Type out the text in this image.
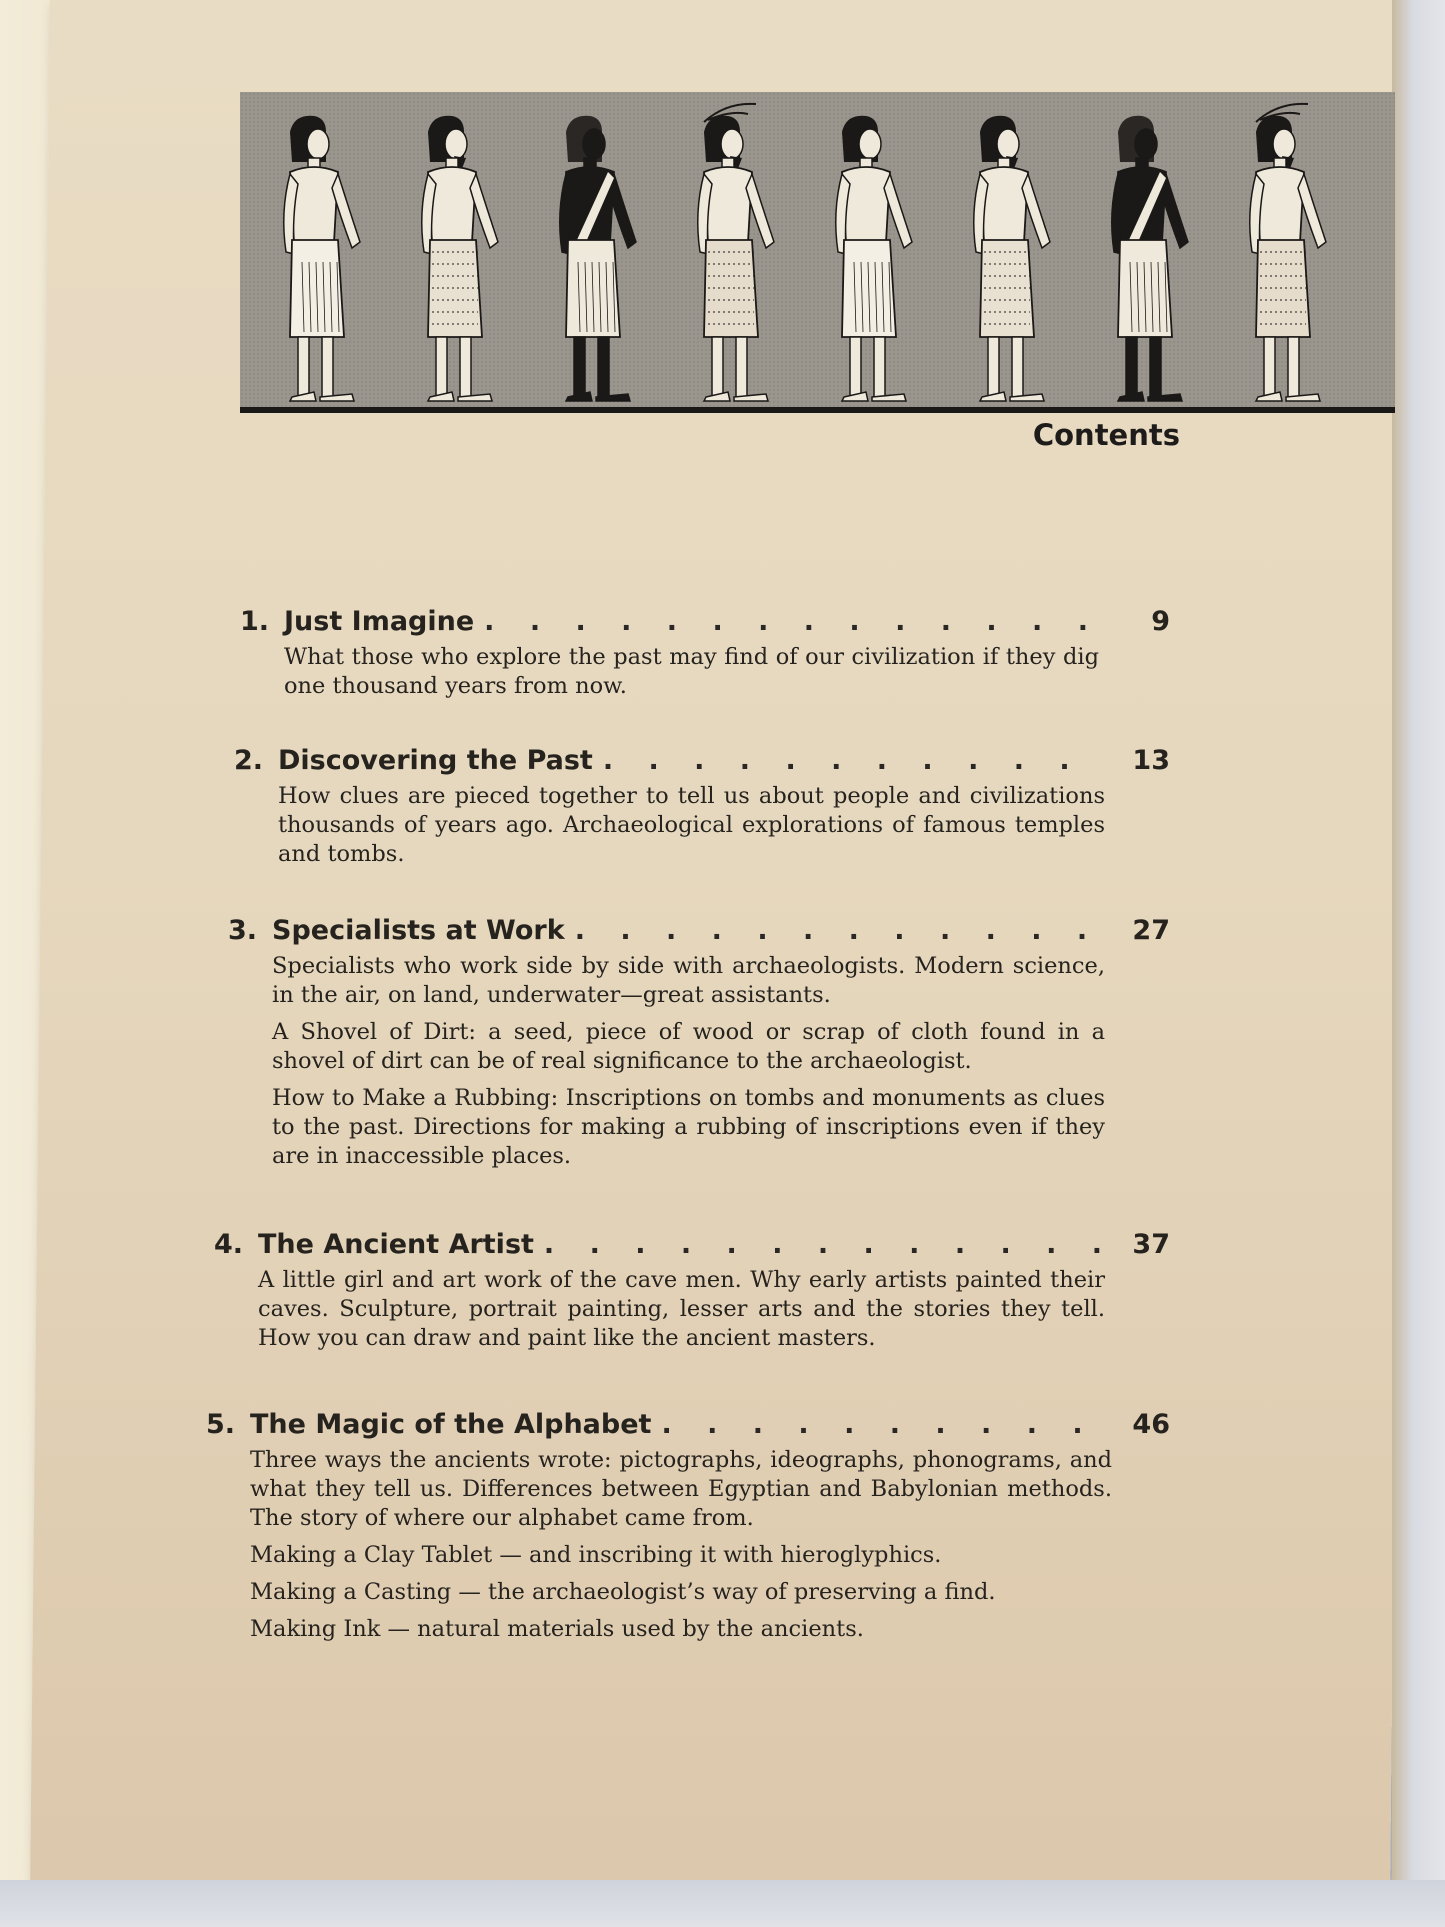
Contents
1. Just Imagine . . .	9

What those who explore the past may find of our civilization if they dig one thousand years from now.

2. Discovering the Past . . .	13

How clues are pieced together to tell us about people and civilizations thousands of years ago. Archaeological explorations of famous temples and tombs.

3. Specialists at Work . . .	27

Specialists who work side by side with archaeologists. Modern science, in the air, on land, underwater—great assistants.

A Shovel of Dirt: a seed, piece of wood or scrap of cloth found in a shovel of dirt can be of real significance to the archaeologist.

How to Make a Rubbing: Inscriptions on tombs and monuments as clues to the past. Directions for making a rubbing of inscriptions even if they are in inaccessible places.

4. The Ancient Artist . . .	37

A little girl and art work of the cave men. Why early artists painted their caves. Sculpture, portrait painting, lesser arts and the stories they tell. How you can draw and paint like the ancient masters.

5. The Magic of the Alphabet . . .	46

Three ways the ancients wrote: pictographs, ideographs, phonograms, and what they tell us. Differences between Egyptian and Babylonian methods. The story of where our alphabet came from.

Making a Clay Tablet — and inscribing it with hieroglyphics.

Making a Casting — the archaeologist’s way of preserving a find.

Making Ink — natural materials used by the ancients.
